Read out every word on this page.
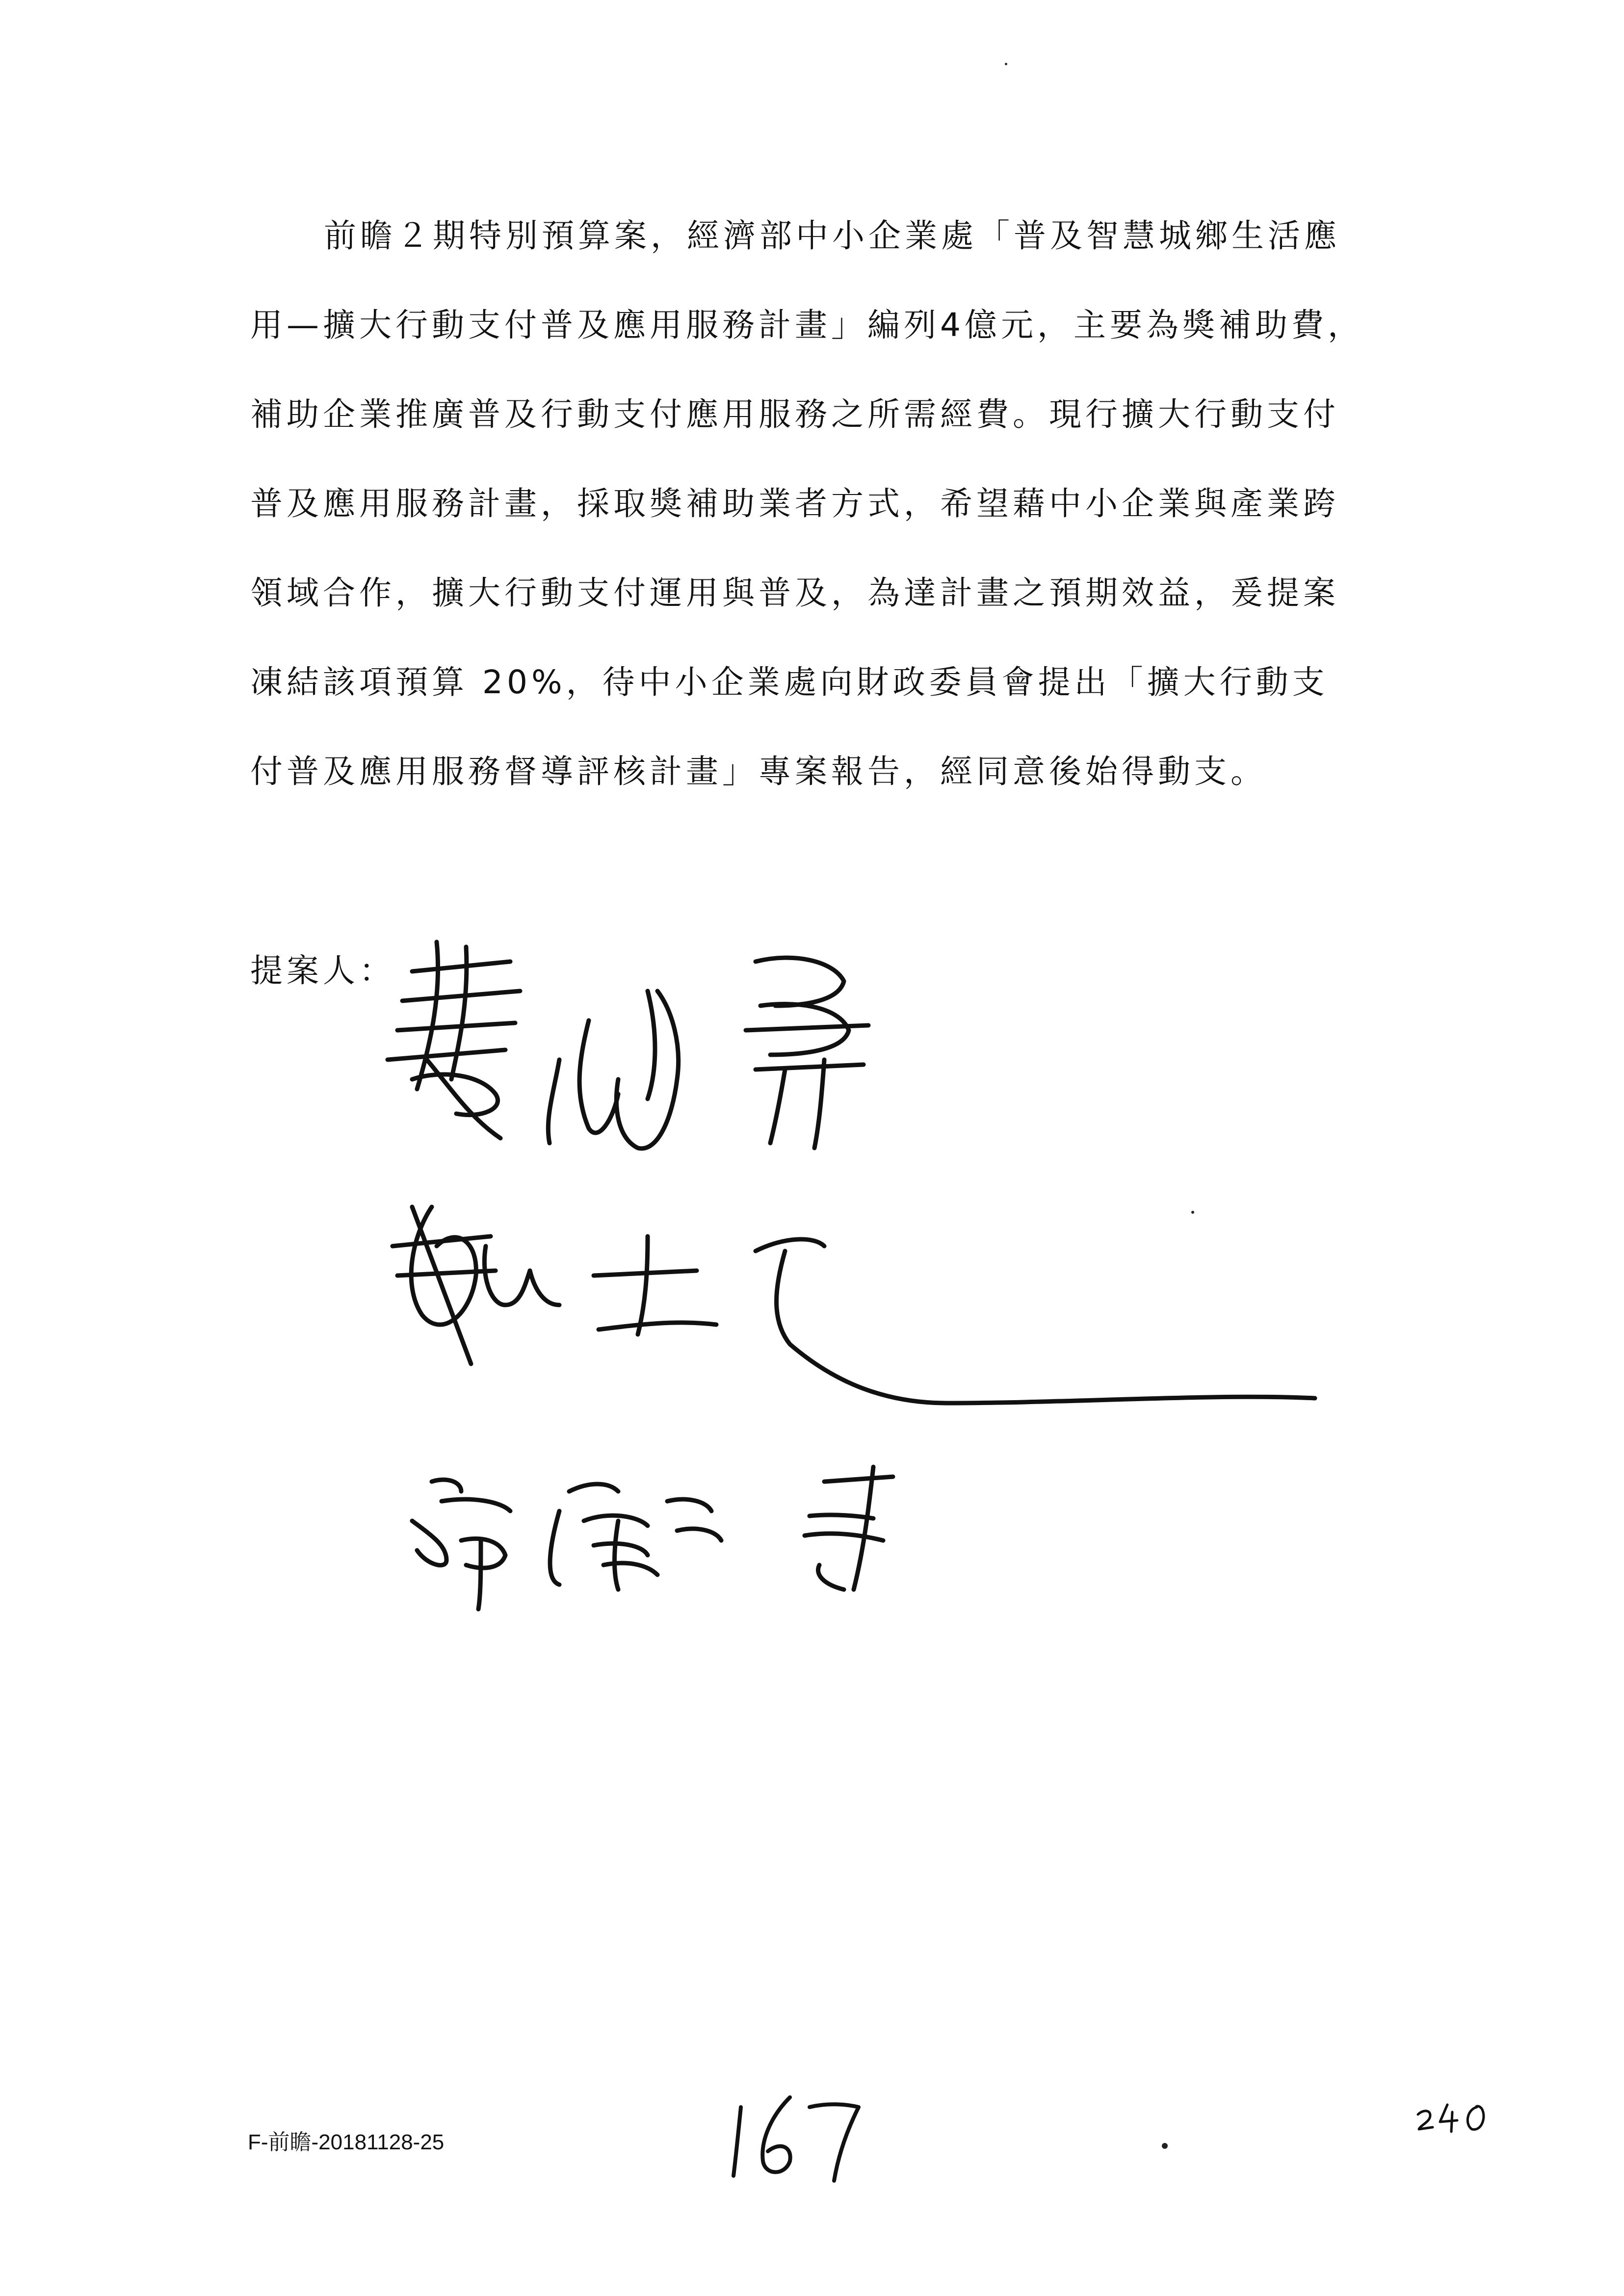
前瞻２期特別預算案，經濟部中小企業處「普及智慧城鄉生活應
用—擴大行動支付普及應用服務計畫」編列4億元，主要為獎補助費，
補助企業推廣普及行動支付應用服務之所需經費。現行擴大行動支付
普及應用服務計畫，採取獎補助業者方式，希望藉中小企業與產業跨
領域合作，擴大行動支付運用與普及，為達計畫之預期效益，爰提案
凍結該項預算 20%，待中小企業處向財政委員會提出「擴大行動支
付普及應用服務督導評核計畫」專案報告，經同意後始得動支。
提案人：
F-前瞻-20181128-25
